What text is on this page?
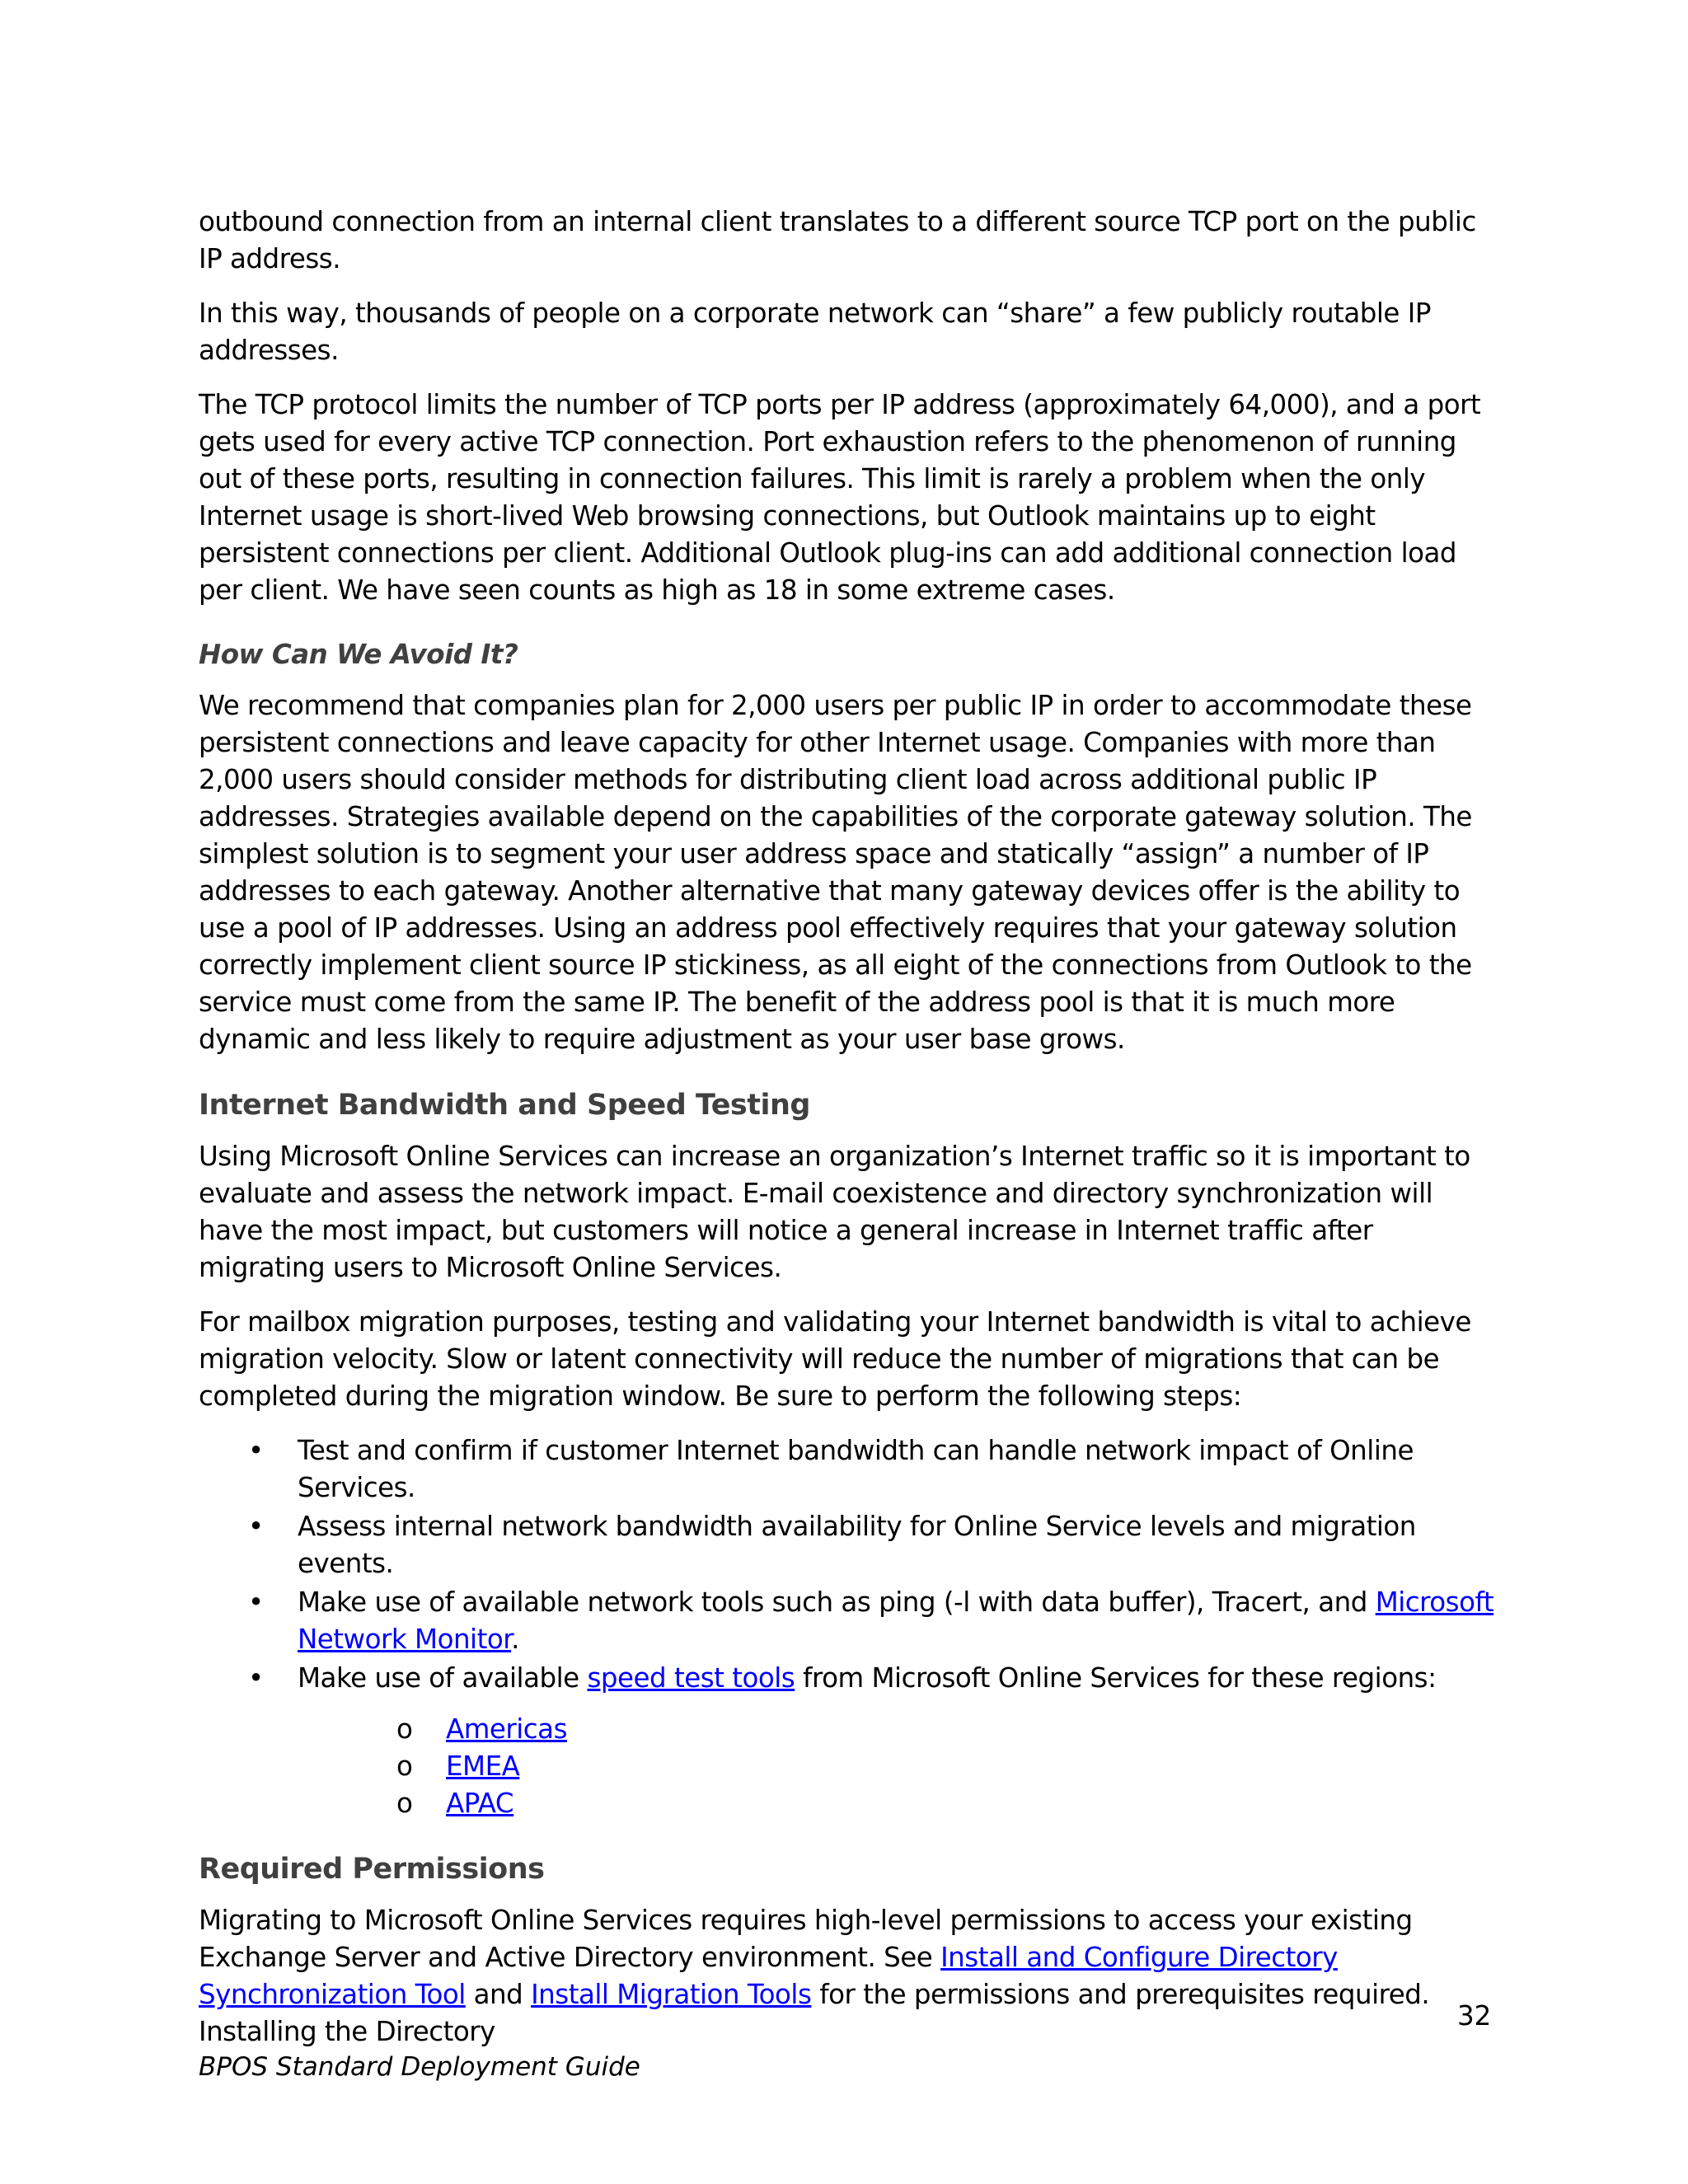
outbound connection from an internal client translates to a different source TCP port on the public IP address.

In this way, thousands of people on a corporate network can “share” a few publicly routable IP addresses.

The TCP protocol limits the number of TCP ports per IP address (approximately 64,000), and a port gets used for every active TCP connection. Port exhaustion refers to the phenomenon of running out of these ports, resulting in connection failures. This limit is rarely a problem when the only Internet usage is short-lived Web browsing connections, but Outlook maintains up to eight persistent connections per client. Additional Outlook plug-ins can add additional connection load per client. We have seen counts as high as 18 in some extreme cases.

How Can We Avoid It?

We recommend that companies plan for 2,000 users per public IP in order to accommodate these persistent connections and leave capacity for other Internet usage. Companies with more than 2,000 users should consider methods for distributing client load across additional public IP addresses. Strategies available depend on the capabilities of the corporate gateway solution. The simplest solution is to segment your user address space and statically “assign” a number of IP addresses to each gateway. Another alternative that many gateway devices offer is the ability to use a pool of IP addresses. Using an address pool effectively requires that your gateway solution correctly implement client source IP stickiness, as all eight of the connections from Outlook to the service must come from the same IP. The benefit of the address pool is that it is much more dynamic and less likely to require adjustment as your user base grows.

Internet Bandwidth and Speed Testing

Using Microsoft Online Services can increase an organization’s Internet traffic so it is important to evaluate and assess the network impact. E-mail coexistence and directory synchronization will have the most impact, but customers will notice a general increase in Internet traffic after migrating users to Microsoft Online Services.

For mailbox migration purposes, testing and validating your Internet bandwidth is vital to achieve migration velocity. Slow or latent connectivity will reduce the number of migrations that can be completed during the migration window. Be sure to perform the following steps:

• Test and confirm if customer Internet bandwidth can handle network impact of Online Services.
• Assess internal network bandwidth availability for Online Service levels and migration events.
• Make use of available network tools such as ping (-l with data buffer), Tracert, and Microsoft Network Monitor.
• Make use of available speed test tools from Microsoft Online Services for these regions:
o Americas
o EMEA
o APAC
Required Permissions

Migrating to Microsoft Online Services requires high-level permissions to access your existing Exchange Server and Active Directory environment. See Install and Configure Directory Synchronization Tool and Install Migration Tools for the permissions and prerequisites required. Installing the Directory	32
BPOS Standard Deployment Guide
